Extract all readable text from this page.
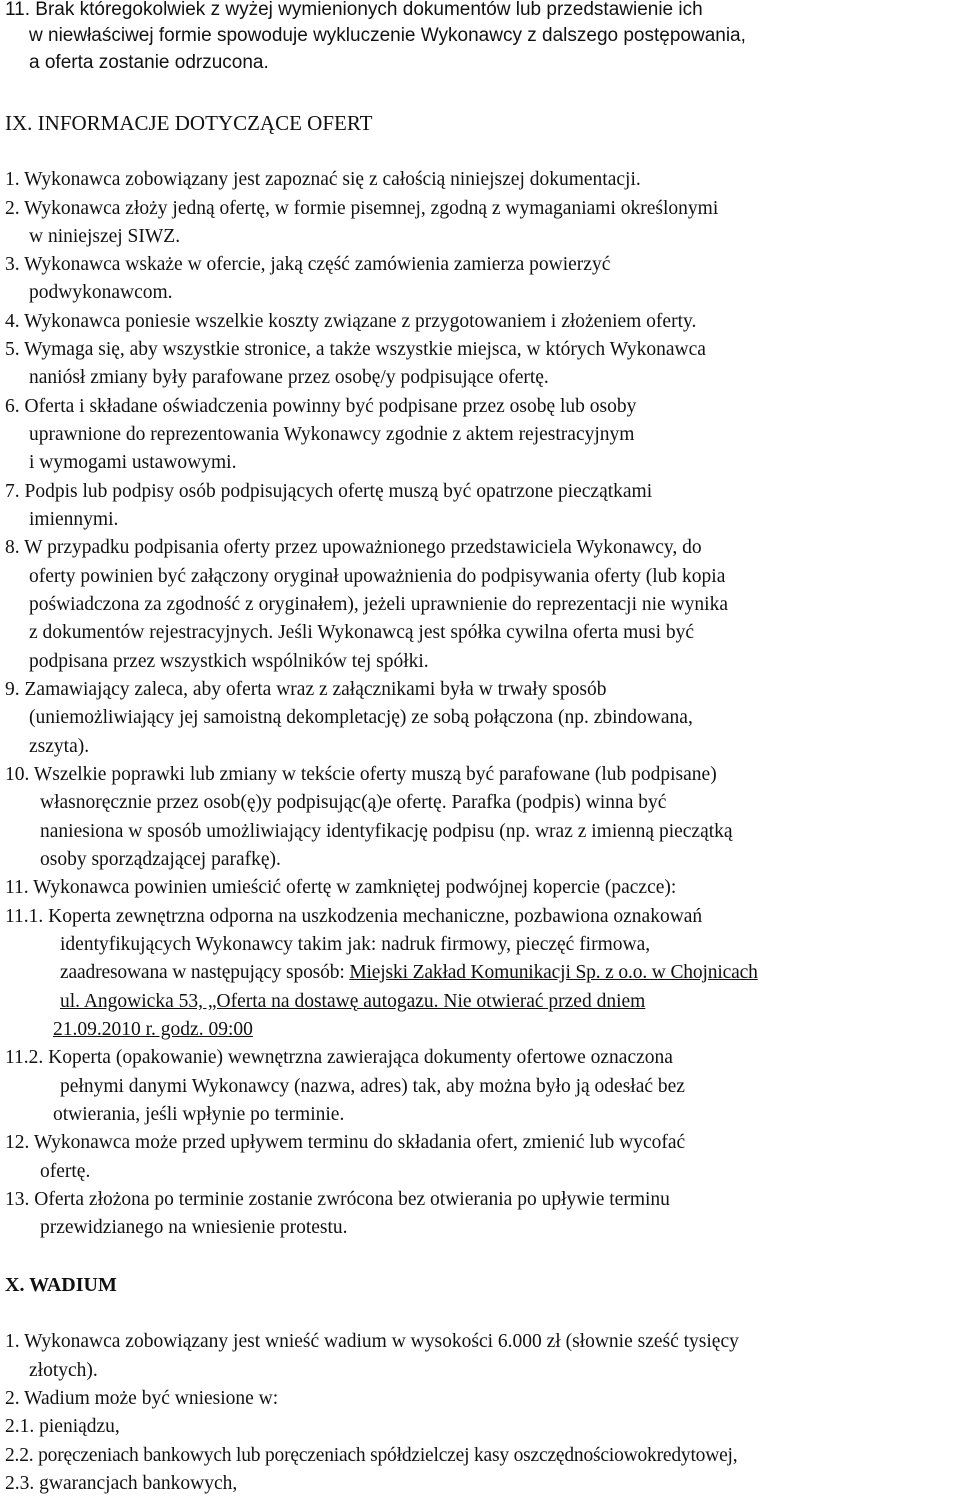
11. Brak któregokolwiek z wyżej wymienionych dokumentów lub przedstawienie ich
w niewłaściwej formie spowoduje wykluczenie Wykonawcy z dalszego postępowania,
a oferta zostanie odrzucona.
IX. INFORMACJE DOTYCZĄCE OFERT
1. Wykonawca zobowiązany jest zapoznać się z całością niniejszej dokumentacji.
2. Wykonawca złoży jedną ofertę, w formie pisemnej, zgodną z wymaganiami określonymi
w niniejszej SIWZ.
3. Wykonawca wskaże w ofercie, jaką część zamówienia zamierza powierzyć
podwykonawcom.
4. Wykonawca poniesie wszelkie koszty związane z przygotowaniem i złożeniem oferty.
5. Wymaga się, aby wszystkie stronice, a także wszystkie miejsca, w których Wykonawca
naniósł zmiany były parafowane przez osobę/y podpisujące ofertę.
6. Oferta i składane oświadczenia powinny być podpisane przez osobę lub osoby
uprawnione do reprezentowania Wykonawcy zgodnie z aktem rejestracyjnym
i wymogami ustawowymi.
7. Podpis lub podpisy osób podpisujących ofertę muszą być opatrzone pieczątkami
imiennymi.
8. W przypadku podpisania oferty przez upoważnionego przedstawiciela Wykonawcy, do
oferty powinien być załączony oryginał upoważnienia do podpisywania oferty (lub kopia
poświadczona za zgodność z oryginałem), jeżeli uprawnienie do reprezentacji nie wynika
z dokumentów rejestracyjnych. Jeśli Wykonawcą jest spółka cywilna oferta musi być
podpisana przez wszystkich wspólników tej spółki.
9. Zamawiający zaleca, aby oferta wraz z załącznikami była w trwały sposób
(uniemożliwiający jej samoistną dekompletację) ze sobą połączona (np. zbindowana,
zszyta).
10. Wszelkie poprawki lub zmiany w tekście oferty muszą być parafowane (lub podpisane)
własnoręcznie przez osob(ę)y podpisując(ą)e ofertę. Parafka (podpis) winna być
naniesiona w sposób umożliwiający identyfikację podpisu (np. wraz z imienną pieczątką
osoby sporządzającej parafkę).
11. Wykonawca powinien umieścić ofertę w zamkniętej podwójnej kopercie (paczce):
11.1. Koperta zewnętrzna odporna na uszkodzenia mechaniczne, pozbawiona oznakowań
identyfikujących Wykonawcy takim jak: nadruk firmowy, pieczęć firmowa,
zaadresowana w następujący sposób: Miejski Zakład Komunikacji Sp. z o.o. w Chojnicach
ul. Angowicka 53, „Oferta na dostawę autogazu. Nie otwierać przed dniem
21.09.2010 r. godz. 09:00
11.2. Koperta (opakowanie) wewnętrzna zawierająca dokumenty ofertowe oznaczona
pełnymi danymi Wykonawcy (nazwa, adres) tak, aby można było ją odesłać bez
otwierania, jeśli wpłynie po terminie.
12. Wykonawca może przed upływem terminu do składania ofert, zmienić lub wycofać
ofertę.
13. Oferta złożona po terminie zostanie zwrócona bez otwierania po upływie terminu
przewidzianego na wniesienie protestu.
X. WADIUM
1. Wykonawca zobowiązany jest wnieść wadium w wysokości 6.000 zł (słownie sześć tysięcy
złotych).
2. Wadium może być wniesione w:
2.1. pieniądzu,
2.2. poręczeniach bankowych lub poręczeniach spółdzielczej kasy oszczędnościowokredytowej,
2.3. gwarancjach bankowych,
